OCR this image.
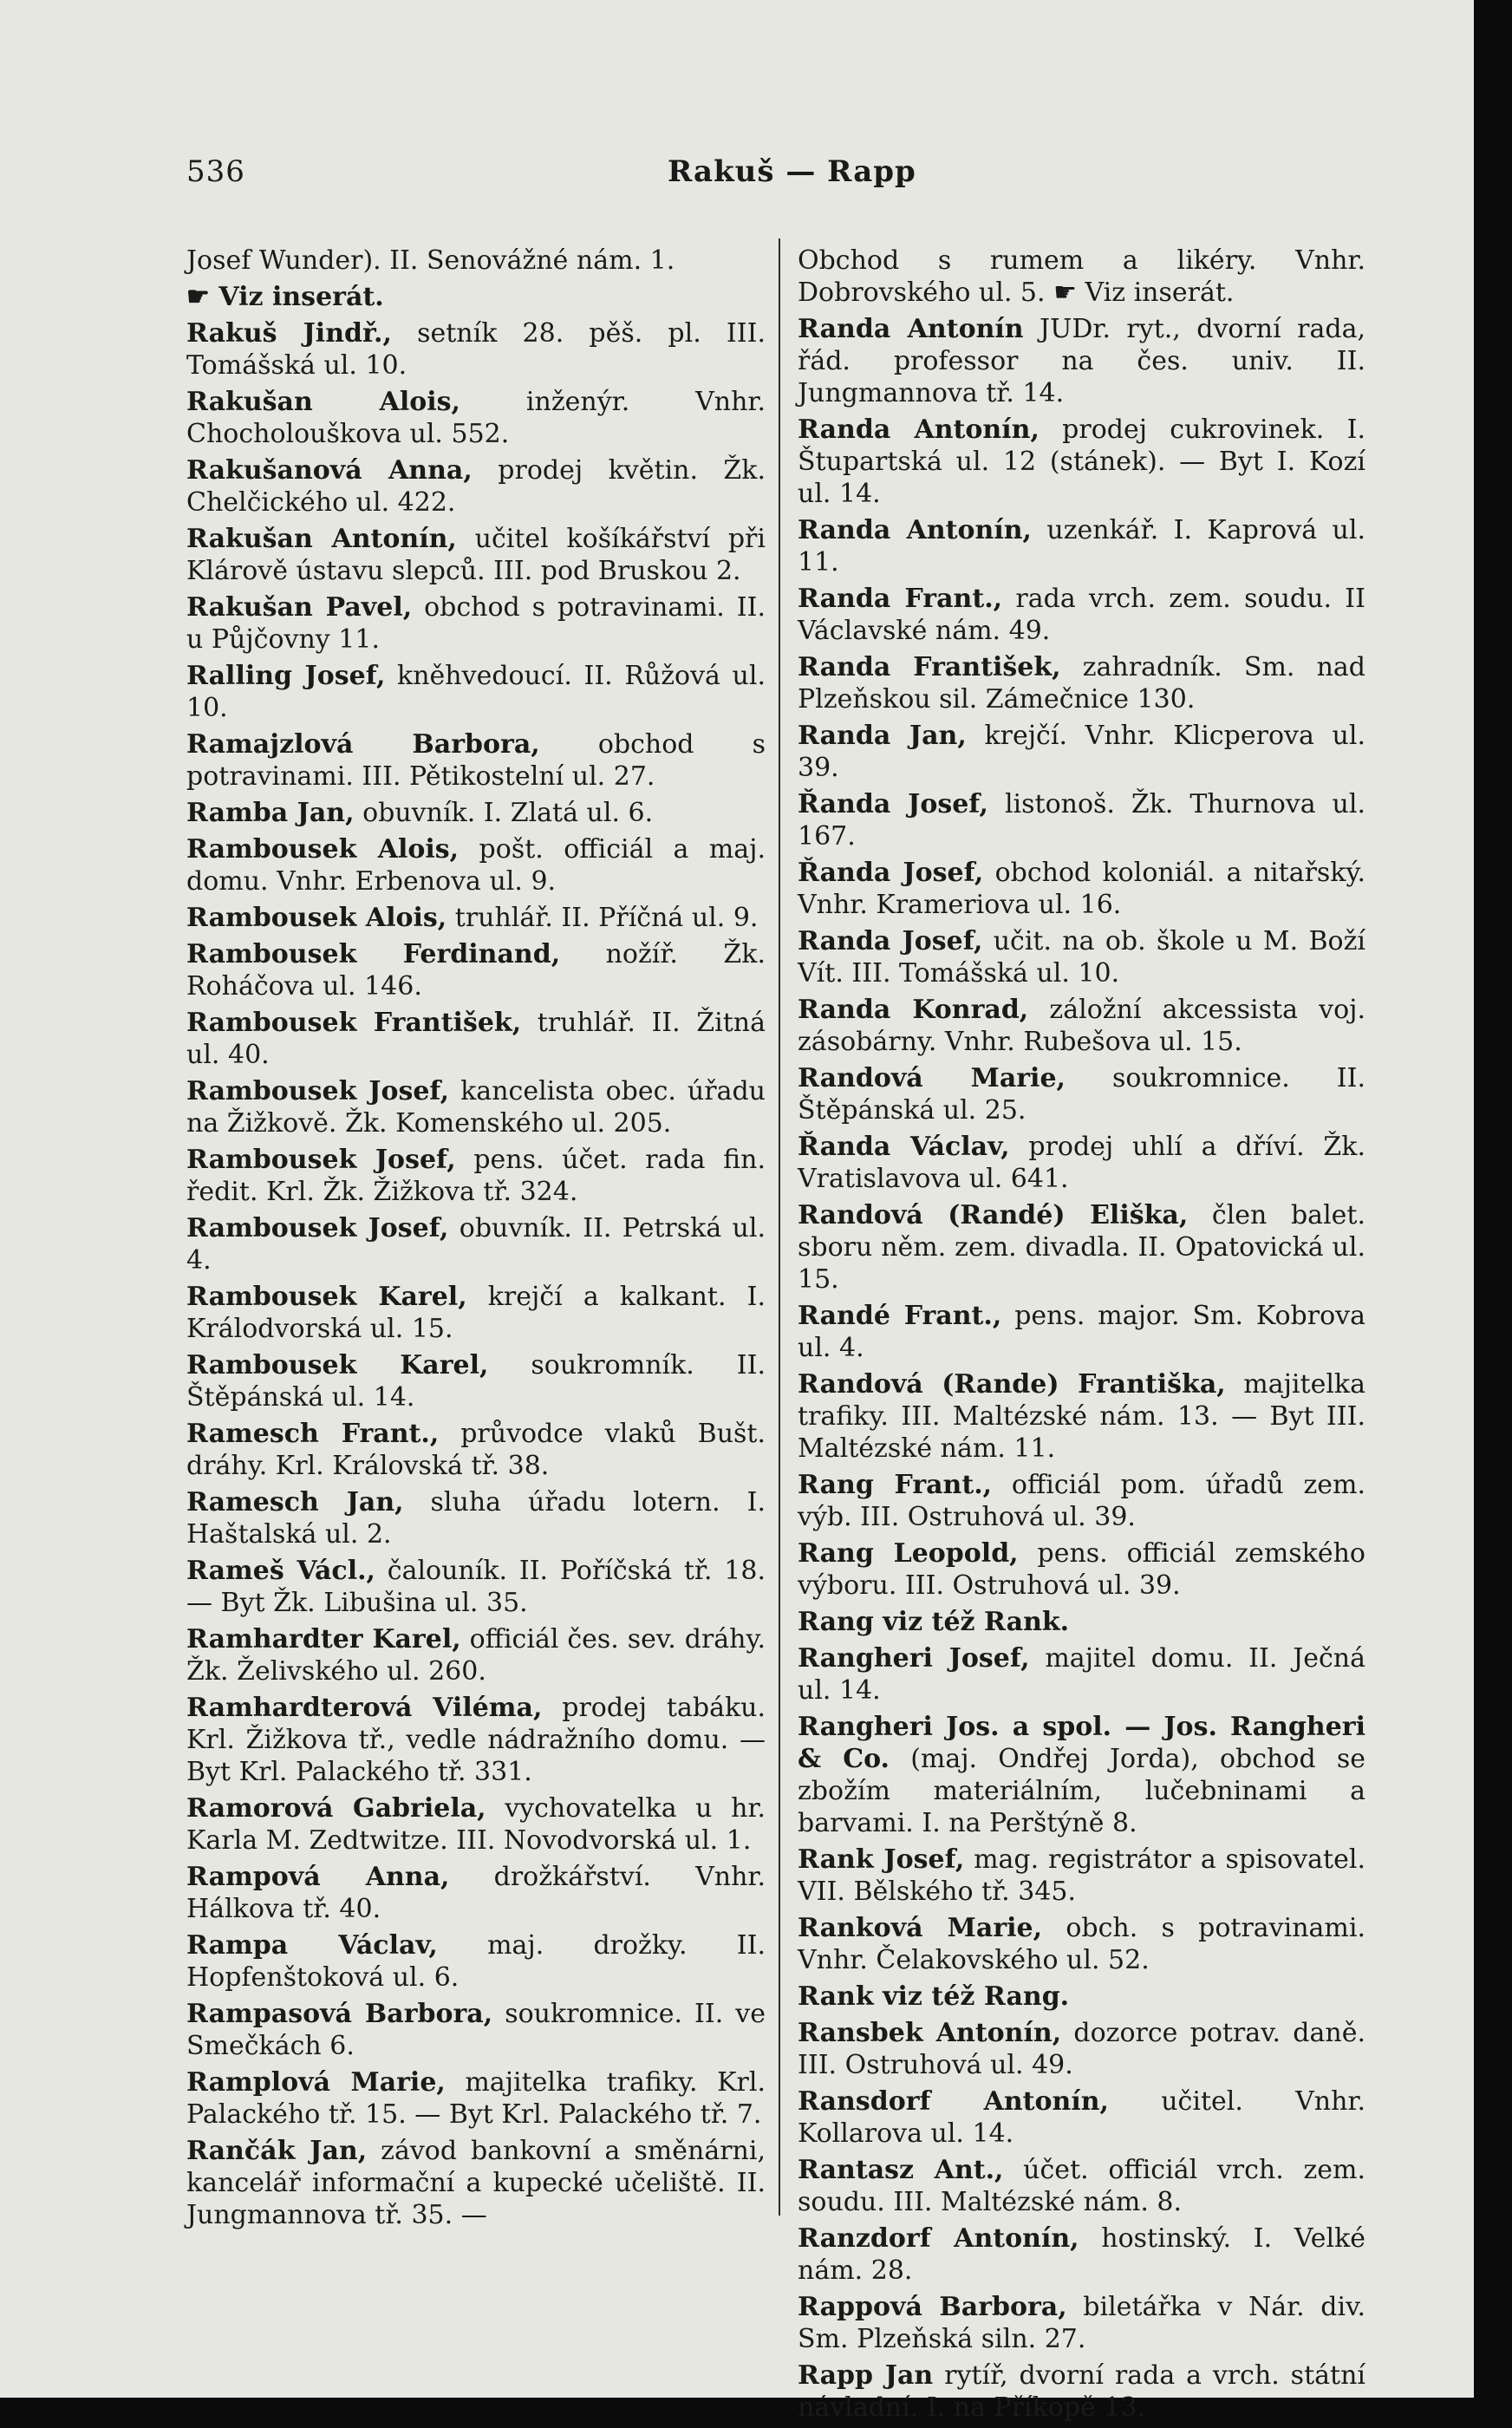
536	Rakuš — Rapp
Josef Wunder). II. Senovážné nám. 1.
☛ Viz inserát.
Rakuš Jindř., setník 28. pěš. pl. III. Tomášská ul. 10.
Rakušan Alois, inženýr. Vnhr. Chocholouškova ul. 552.
Rakušanová Anna, prodej květin. Žk. Chelčického ul. 422.
Rakušan Antonín, učitel košíkářství při Klárově ústavu slepců. III. pod Bruskou 2.
Rakušan Pavel, obchod s potravinami. II. u Půjčovny 11.
Ralling Josef, kněhvedoucí. II. Růžová ul. 10.
Ramajzlová Barbora, obchod s potravinami. III. Pětikostelní ul. 27.
Ramba Jan, obuvník. I. Zlatá ul. 6.
Rambousek Alois, pošt. officiál a maj. domu. Vnhr. Erbenova ul. 9.
Rambousek Alois, truhlář. II. Příčná ul. 9.
Rambousek Ferdinand, nožíř. Žk. Roháčova ul. 146.
Rambousek František, truhlář. II. Žitná ul. 40.
Rambousek Josef, kancelista obec. úřadu na Žižkově. Žk. Komenského ul. 205.
Rambousek Josef, pens. účet. rada fin. ředit. Krl. Žk. Žižkova tř. 324.
Rambousek Josef, obuvník. II. Petrská ul. 4.
Rambousek Karel, krejčí a kalkant. I. Králodvorská ul. 15.
Rambousek Karel, soukromník. II. Štěpánská ul. 14.
Ramesch Frant., průvodce vlaků Bušt. dráhy. Krl. Královská tř. 38.
Ramesch Jan, sluha úřadu lotern. I. Haštalská ul. 2.
Rameš Václ., čalouník. II. Poříčská tř. 18. — Byt Žk. Libušina ul. 35.
Ramhardter Karel, officiál čes. sev. dráhy. Žk. Želivského ul. 260.
Ramhardterová Viléma, prodej tabáku. Krl. Žižkova tř., vedle nádražního domu. — Byt Krl. Palackého tř. 331.
Ramorová Gabriela, vychovatelka u hr. Karla M. Zedtwitze. III. Novodvorská ul. 1.
Rampová Anna, drožkářství. Vnhr. Hálkova tř. 40.
Rampa Václav, maj. drožky. II. Hopfenštoková ul. 6.
Rampasová Barbora, soukromnice. II. ve Smečkách 6.
Ramplová Marie, majitelka trafiky. Krl. Palackého tř. 15. — Byt Krl. Palackého tř. 7.
Rančák Jan, závod bankovní a směnárni, kancelář informační a kupecké učeliště. II. Jungmannova tř. 35. —
Obchod s rumem a likéry. Vnhr. Dobrovského ul. 5. ☛ Viz inserát.
Randa Antonín JUDr. ryt., dvorní rada, řád. professor na čes. univ. II. Jungmannova tř. 14.
Randa Antonín, prodej cukrovinek. I. Štupartská ul. 12 (stánek). — Byt I. Kozí ul. 14.
Randa Antonín, uzenkář. I. Kaprová ul. 11.
Randa Frant., rada vrch. zem. soudu. II Václavské nám. 49.
Randa František, zahradník. Sm. nad Plzeňskou sil. Zámečnice 130.
Randa Jan, krejčí. Vnhr. Klicperova ul. 39.
Řanda Josef, listonoš. Žk. Thurnova ul. 167.
Řanda Josef, obchod koloniál. a nitařský. Vnhr. Krameriova ul. 16.
Randa Josef, učit. na ob. škole u M. Boží Vít. III. Tomášská ul. 10.
Randa Konrad, záložní akcessista voj. zásobárny. Vnhr. Rubešova ul. 15.
Randová Marie, soukromnice. II. Štěpánská ul. 25.
Řanda Václav, prodej uhlí a dříví. Žk. Vratislavova ul. 641.
Randová (Randé) Eliška, člen balet. sboru něm. zem. divadla. II. Opatovická ul. 15.
Randé Frant., pens. major. Sm. Kobrova ul. 4.
Randová (Rande) Františka, majitelka trafiky. III. Maltézské nám. 13. — Byt III. Maltézské nám. 11.
Rang Frant., officiál pom. úřadů zem. výb. III. Ostruhová ul. 39.
Rang Leopold, pens. officiál zemského výboru. III. Ostruhová ul. 39.
Rang viz též Rank.
Rangheri Josef, majitel domu. II. Ječná ul. 14.
Rangheri Jos. a spol. — Jos. Rangheri & Co. (maj. Ondřej Jorda), obchod se zbožím materiálním, lučebninami a barvami. I. na Perštýně 8.
Rank Josef, mag. registrátor a spisovatel. VII. Bělského tř. 345.
Ranková Marie, obch. s potravinami. Vnhr. Čelakovského ul. 52.
Rank viz též Rang.
Ransbek Antonín, dozorce potrav. daně. III. Ostruhová ul. 49.
Ransdorf Antonín, učitel. Vnhr. Kollarova ul. 14.
Rantasz Ant., účet. officiál vrch. zem. soudu. III. Maltézské nám. 8.
Ranzdorf Antonín, hostinský. I. Velké nám. 28.
Rappová Barbora, biletářka v Nár. div. Sm. Plzeňská siln. 27.
Rapp Jan rytíř, dvorní rada a vrch. státní návladní. I. na Příkopě 13.
